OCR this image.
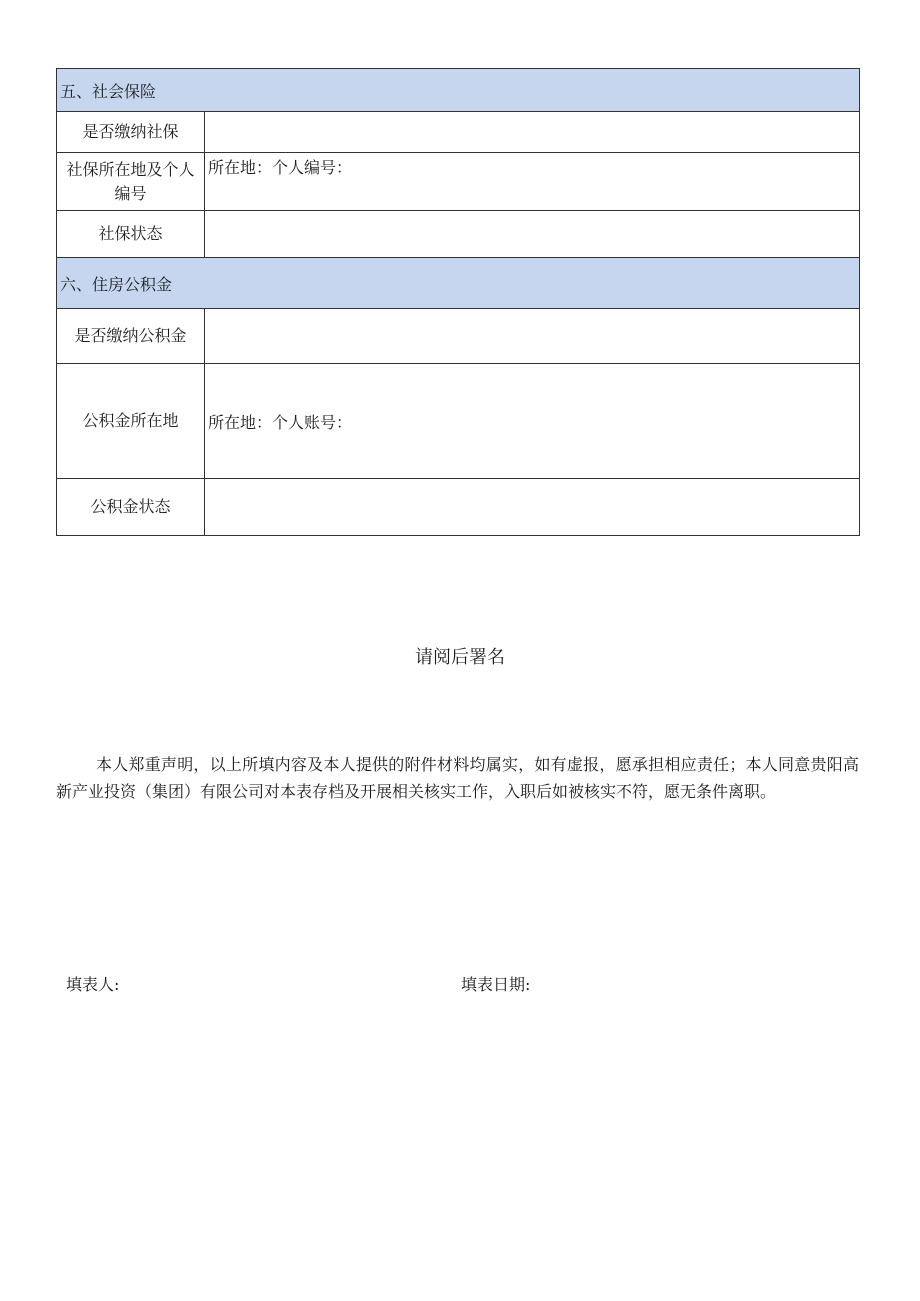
五、社会保险	
是否缴纳社保	
社保所在地及个人编号	所在地：个人编号：
社保状态	
六、住房公积金	
是否缴纳公积金	
公积金所在地	所在地：个人账号：
公积金状态	
请阅后署名

本人郑重声明，以上所填内容及本人提供的附件材料均属实，如有虚报，愿承担相应责任；本人同意贵阳高新产业投资（集团）有限公司对本表存档及开展相关核实工作，入职后如被核实不符，愿无条件离职。

填表人:	填表日期:
